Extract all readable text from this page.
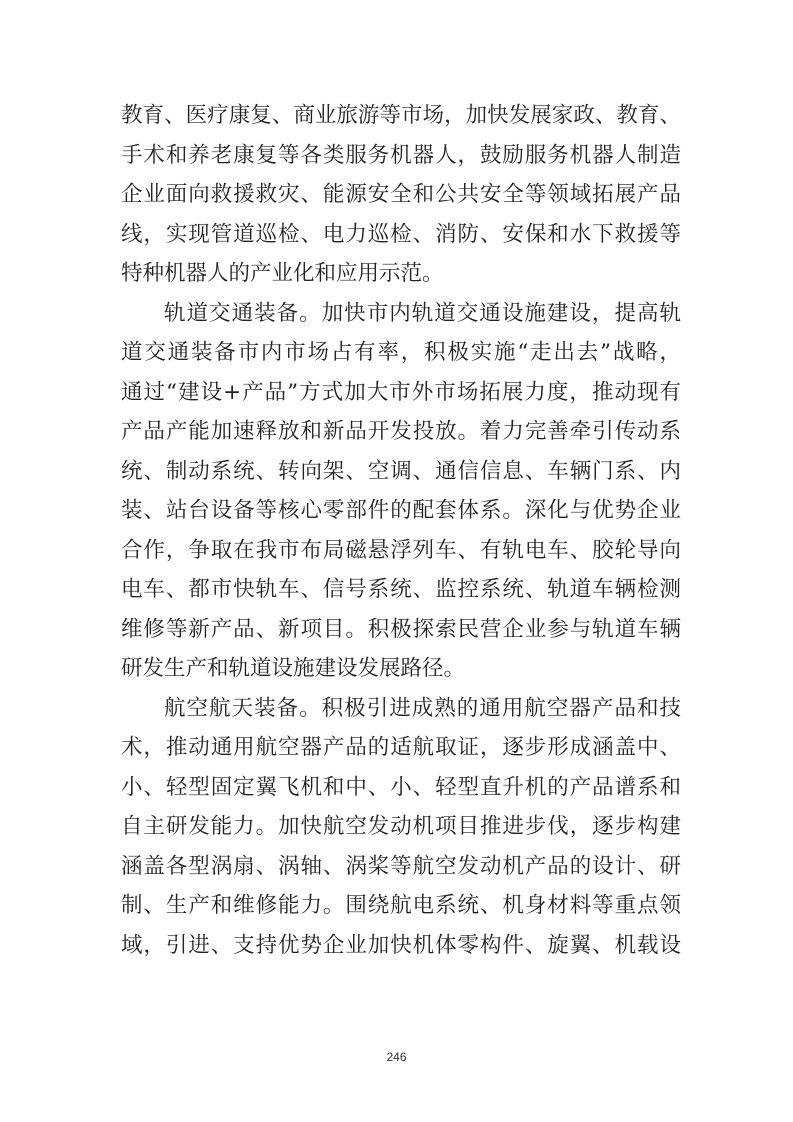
教育、医疗康复、商业旅游等市场，加快发展家政、教育、
手术和养老康复等各类服务机器人，鼓励服务机器人制造
企业面向救援救灾、能源安全和公共安全等领域拓展产品
线，实现管道巡检、电力巡检、消防、安保和水下救援等
特种机器人的产业化和应用示范。
轨道交通装备。加快市内轨道交通设施建设，提高轨
道交通装备市内市场占有率，积极实施“走出去”战略，
通过“建设+产品”方式加大市外市场拓展力度，推动现有
产品产能加速释放和新品开发投放。着力完善牵引传动系
统、制动系统、转向架、空调、通信信息、车辆门系、内
装、站台设备等核心零部件的配套体系。深化与优势企业
合作，争取在我市布局磁悬浮列车、有轨电车、胶轮导向
电车、都市快轨车、信号系统、监控系统、轨道车辆检测
维修等新产品、新项目。积极探索民营企业参与轨道车辆
研发生产和轨道设施建设发展路径。
航空航天装备。积极引进成熟的通用航空器产品和技
术，推动通用航空器产品的适航取证，逐步形成涵盖中、
小、轻型固定翼飞机和中、小、轻型直升机的产品谱系和
自主研发能力。加快航空发动机项目推进步伐，逐步构建
涵盖各型涡扇、涡轴、涡桨等航空发动机产品的设计、研
制、生产和维修能力。围绕航电系统、机身材料等重点领
域，引进、支持优势企业加快机体零构件、旋翼、机载设
246
